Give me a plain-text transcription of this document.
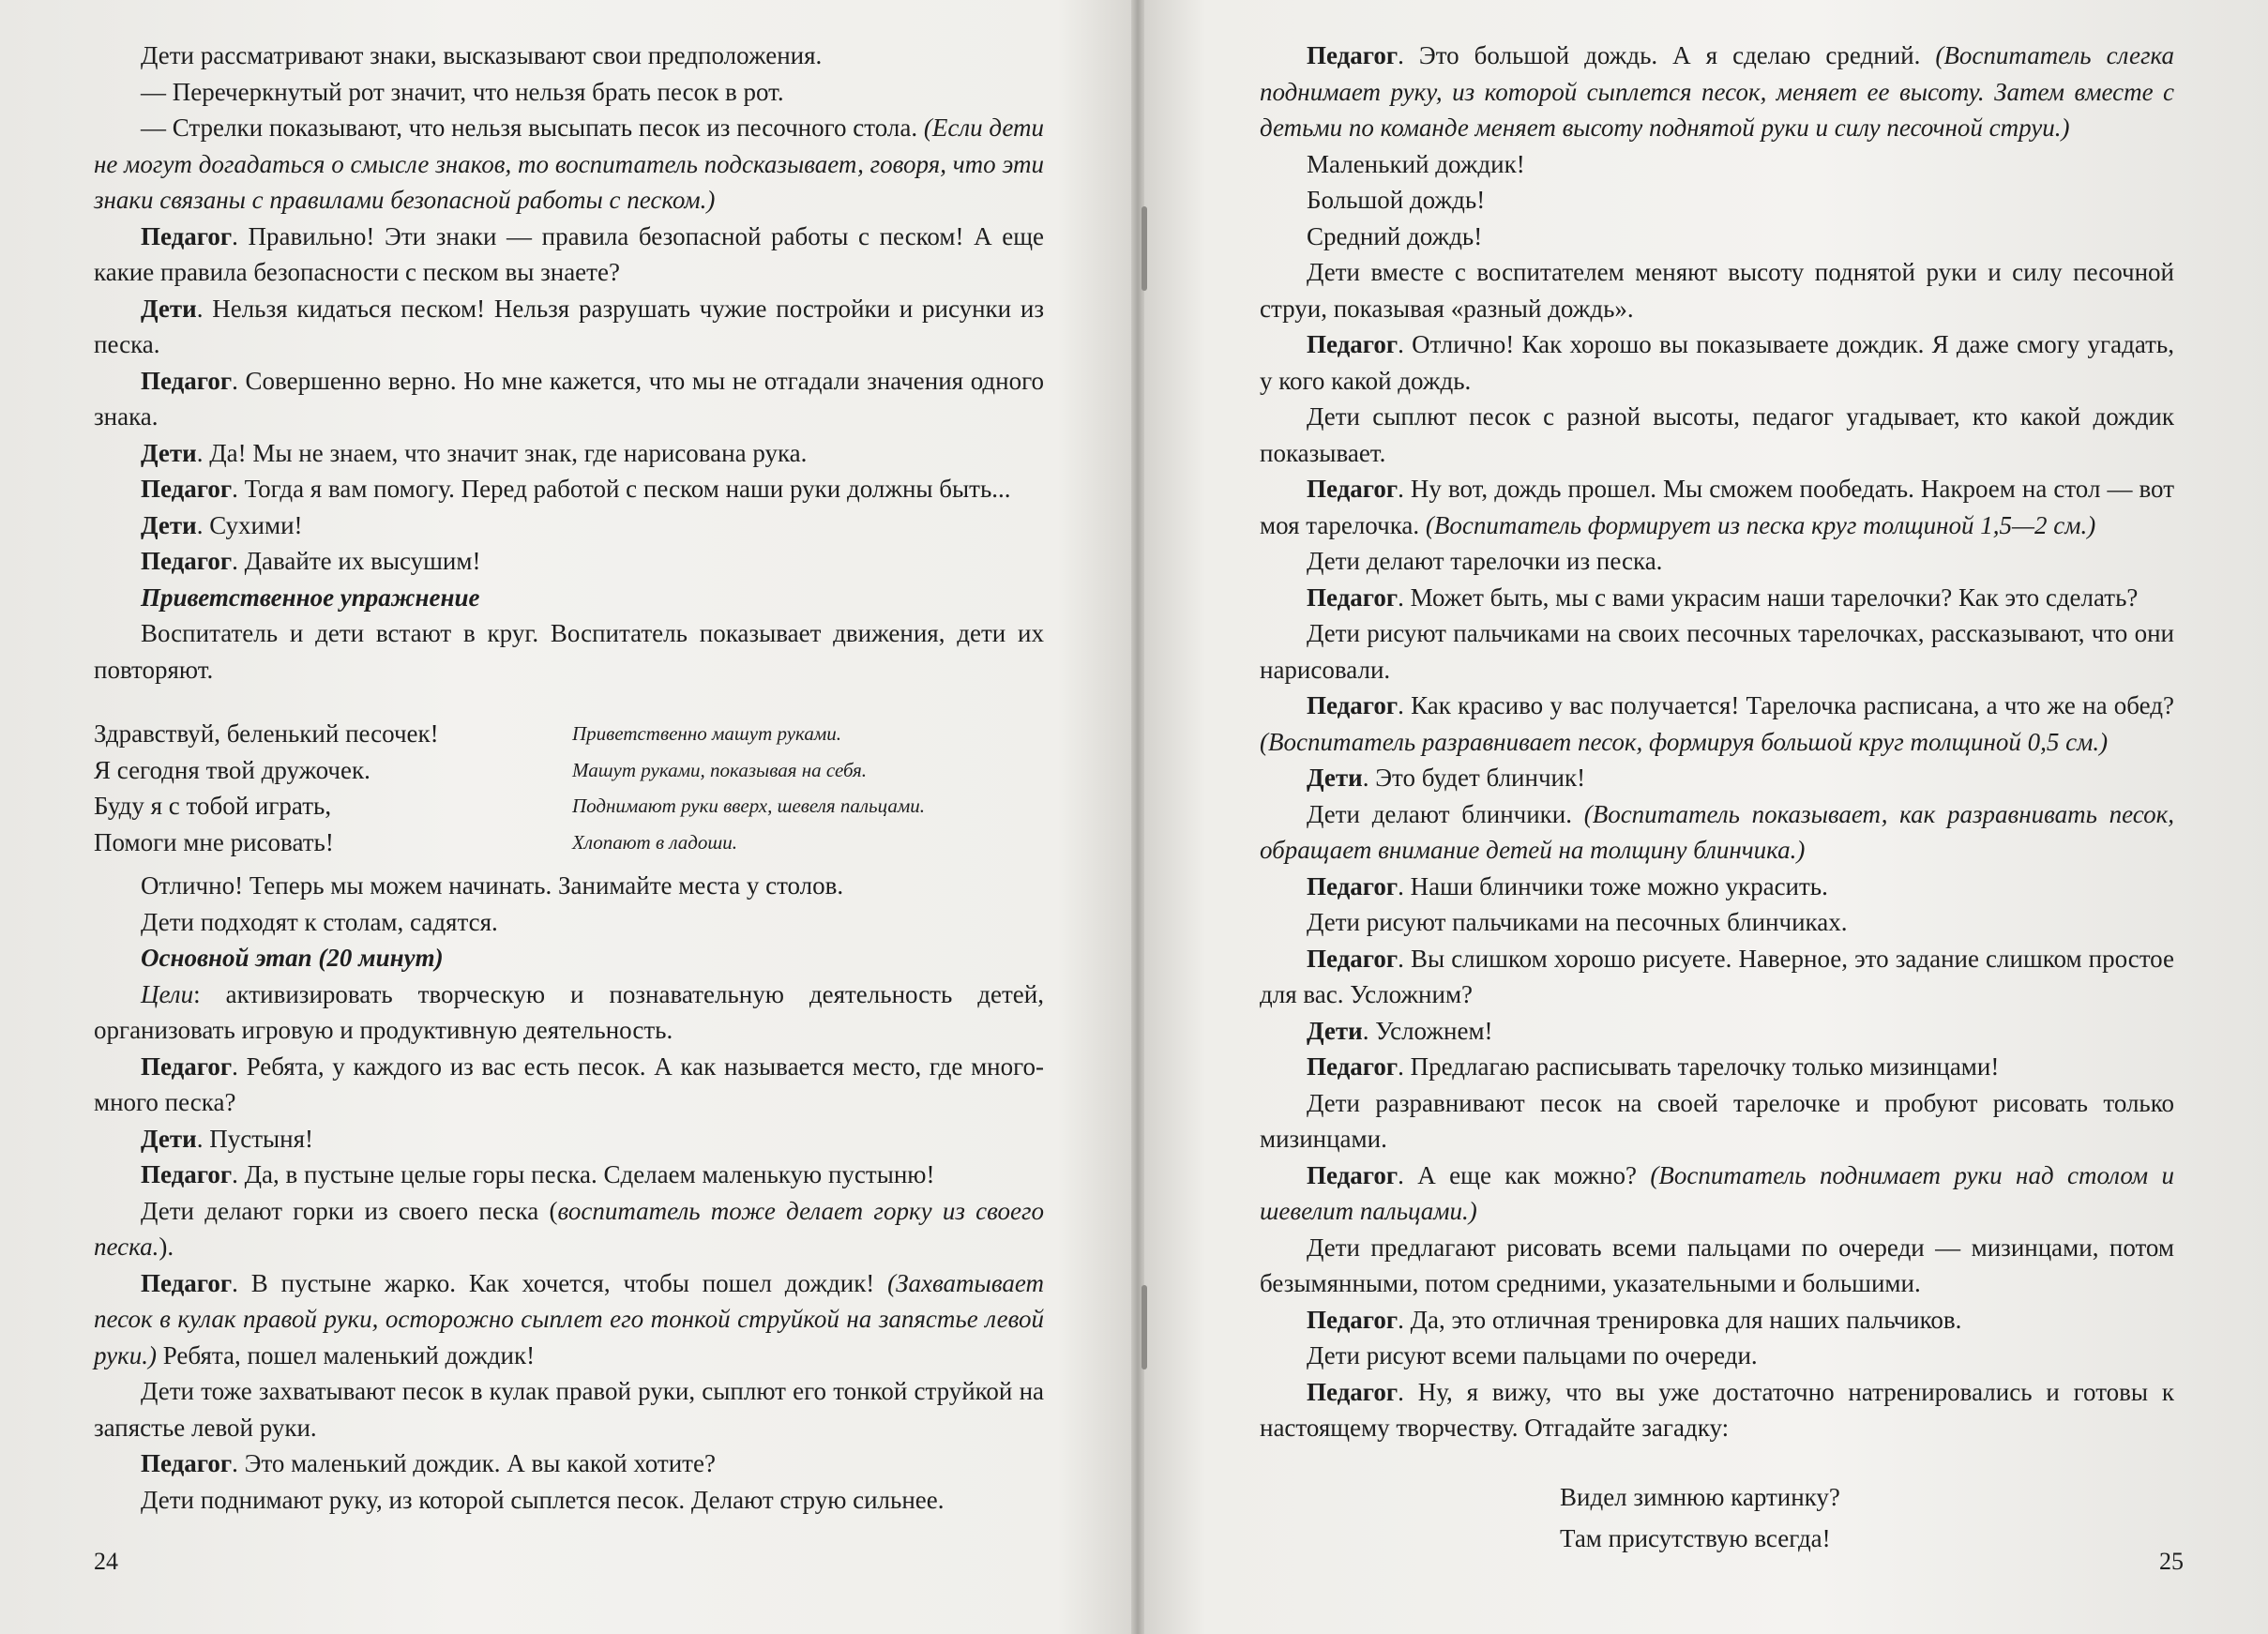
Дети рассматривают знаки, высказывают свои предположения.

— Перечеркнутый рот значит, что нельзя брать песок в рот.

— Стрелки показывают, что нельзя высыпать песок из песочного стола. (Если дети не могут догадаться о смысле знаков, то воспитатель подсказывает, говоря, что эти знаки связаны с правилами безопасной работы с песком.)

Педагог. Правильно! Эти знаки — правила безопасной работы с песком! А еще какие правила безопасности с песком вы знаете?

Дети. Нельзя кидаться песком! Нельзя разрушать чужие постройки и рисунки из песка.

Педагог. Совершенно верно. Но мне кажется, что мы не отгадали значения одного знака.

Дети. Да! Мы не знаем, что значит знак, где нарисована рука.

Педагог. Тогда я вам помогу. Перед работой с песком наши руки должны быть...

Дети. Сухими!

Педагог. Давайте их высушим!

Приветственное упражнение

Воспитатель и дети встают в круг. Воспитатель показывает движения, дети их повторяют.

Здравствуй, беленький песочек!
Я сегодня твой дружочек.
Буду я с тобой играть,
Помоги мне рисовать!
Приветственно машут руками.
Машут руками, показывая на себя.
Поднимают руки вверх, шевеля пальцами.
Хлопают в ладоши.

Отлично! Теперь мы можем начинать. Занимайте места у столов.

Дети подходят к столам, садятся.

Основной этап (20 минут)

Цели: активизировать творческую и познавательную деятельность детей, организовать игровую и продуктивную деятельность.

Педагог. Ребята, у каждого из вас есть песок. А как называется место, где много-много песка?

Дети. Пустыня!

Педагог. Да, в пустыне целые горы песка. Сделаем маленькую пустыню!

Дети делают горки из своего песка (воспитатель тоже делает горку из своего песка.).

Педагог. В пустыне жарко. Как хочется, чтобы пошел дождик! (Захватывает песок в кулак правой руки, осторожно сыплет его тонкой струйкой на запястье левой руки.) Ребята, пошел маленький дождик!

Дети тоже захватывают песок в кулак правой руки, сыплют его тонкой струйкой на запястье левой руки.

Педагог. Это маленький дождик. А вы какой хотите?

Дети поднимают руку, из которой сыплется песок. Делают струю сильнее.

24

Педагог. Это большой дождь. А я сделаю средний. (Воспитатель слегка поднимает руку, из которой сыплется песок, меняет ее высоту. Затем вместе с детьми по команде меняет высоту поднятой руки и силу песочной струи.)

Маленький дождик!

Большой дождь!

Средний дождь!

Дети вместе с воспитателем меняют высоту поднятой руки и силу песочной струи, показывая «разный дождь».

Педагог. Отлично! Как хорошо вы показываете дождик. Я даже смогу угадать, у кого какой дождь.

Дети сыплют песок с разной высоты, педагог угадывает, кто какой дождик показывает.

Педагог. Ну вот, дождь прошел. Мы сможем пообедать. Накроем на стол — вот моя тарелочка. (Воспитатель формирует из песка круг толщиной 1,5—2 см.)

Дети делают тарелочки из песка.

Педагог. Может быть, мы с вами украсим наши тарелочки? Как это сделать?

Дети рисуют пальчиками на своих песочных тарелочках, рассказывают, что они нарисовали.

Педагог. Как красиво у вас получается! Тарелочка расписана, а что же на обед? (Воспитатель разравнивает песок, формируя большой круг толщиной 0,5 см.)

Дети. Это будет блинчик!

Дети делают блинчики. (Воспитатель показывает, как разравнивать песок, обращает внимание детей на толщину блинчика.)

Педагог. Наши блинчики тоже можно украсить.

Дети рисуют пальчиками на песочных блинчиках.

Педагог. Вы слишком хорошо рисуете. Наверное, это задание слишком простое для вас. Усложним?

Дети. Усложнем!

Педагог. Предлагаю расписывать тарелочку только мизинцами!

Дети разравнивают песок на своей тарелочке и пробуют рисовать только мизинцами.

Педагог. А еще как можно? (Воспитатель поднимает руки над столом и шевелит пальцами.)

Дети предлагают рисовать всеми пальцами по очереди — мизинцами, потом безымянными, потом средними, указательными и большими.

Педагог. Да, это отличная тренировка для наших пальчиков.

Дети рисуют всеми пальцами по очереди.

Педагог. Ну, я вижу, что вы уже достаточно натренировались и готовы к настоящему творчеству. Отгадайте загадку:

Видел зимнюю картинку?
Там присутствую всегда!
25
